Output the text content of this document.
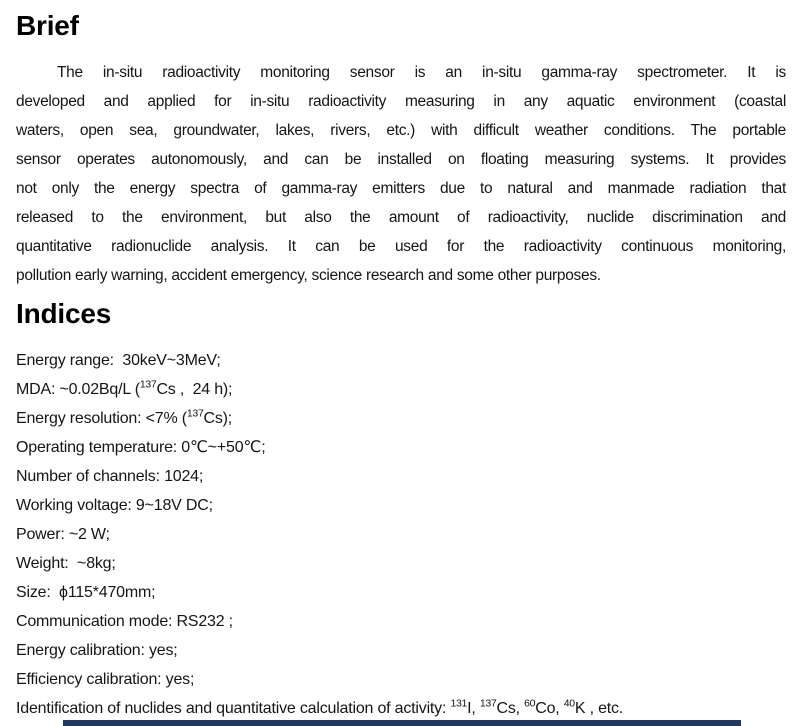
Brief
The in-situ radioactivity monitoring sensor is an in-situ gamma-ray spectrometer. It is
developed and applied for in-situ radioactivity measuring in any aquatic environment (coastal
waters, open sea, groundwater, lakes, rivers, etc.) with difficult weather conditions. The portable
sensor operates autonomously, and can be installed on floating measuring systems. It provides
not only the energy spectra of gamma-ray emitters due to natural and manmade radiation that
released to the environment, but also the amount of radioactivity, nuclide discrimination and
quantitative radionuclide analysis. It can be used for the radioactivity continuous monitoring,
pollution early warning, accident emergency, science research and some other purposes.
Indices
Energy range:  30keV~3MeV;
MDA: ~0.02Bq/L ($^{137}$Cs ,  24 h);
Energy resolution: <7% ($^{137}$Cs);
Operating temperature: 0℃~+50℃;
Number of channels: 1024;
Working voltage: 9~18V DC;
Power: ~2 W;
Weight:  ~8kg;
Size:  ϕ115*470mm;
Communication mode: RS232 ;
Energy calibration: yes;
Efficiency calibration: yes;
Identification of nuclides and quantitative calculation of activity: $^{131}$I, $^{137}$Cs, $^{60}$Co, $^{40}$K , etc.
